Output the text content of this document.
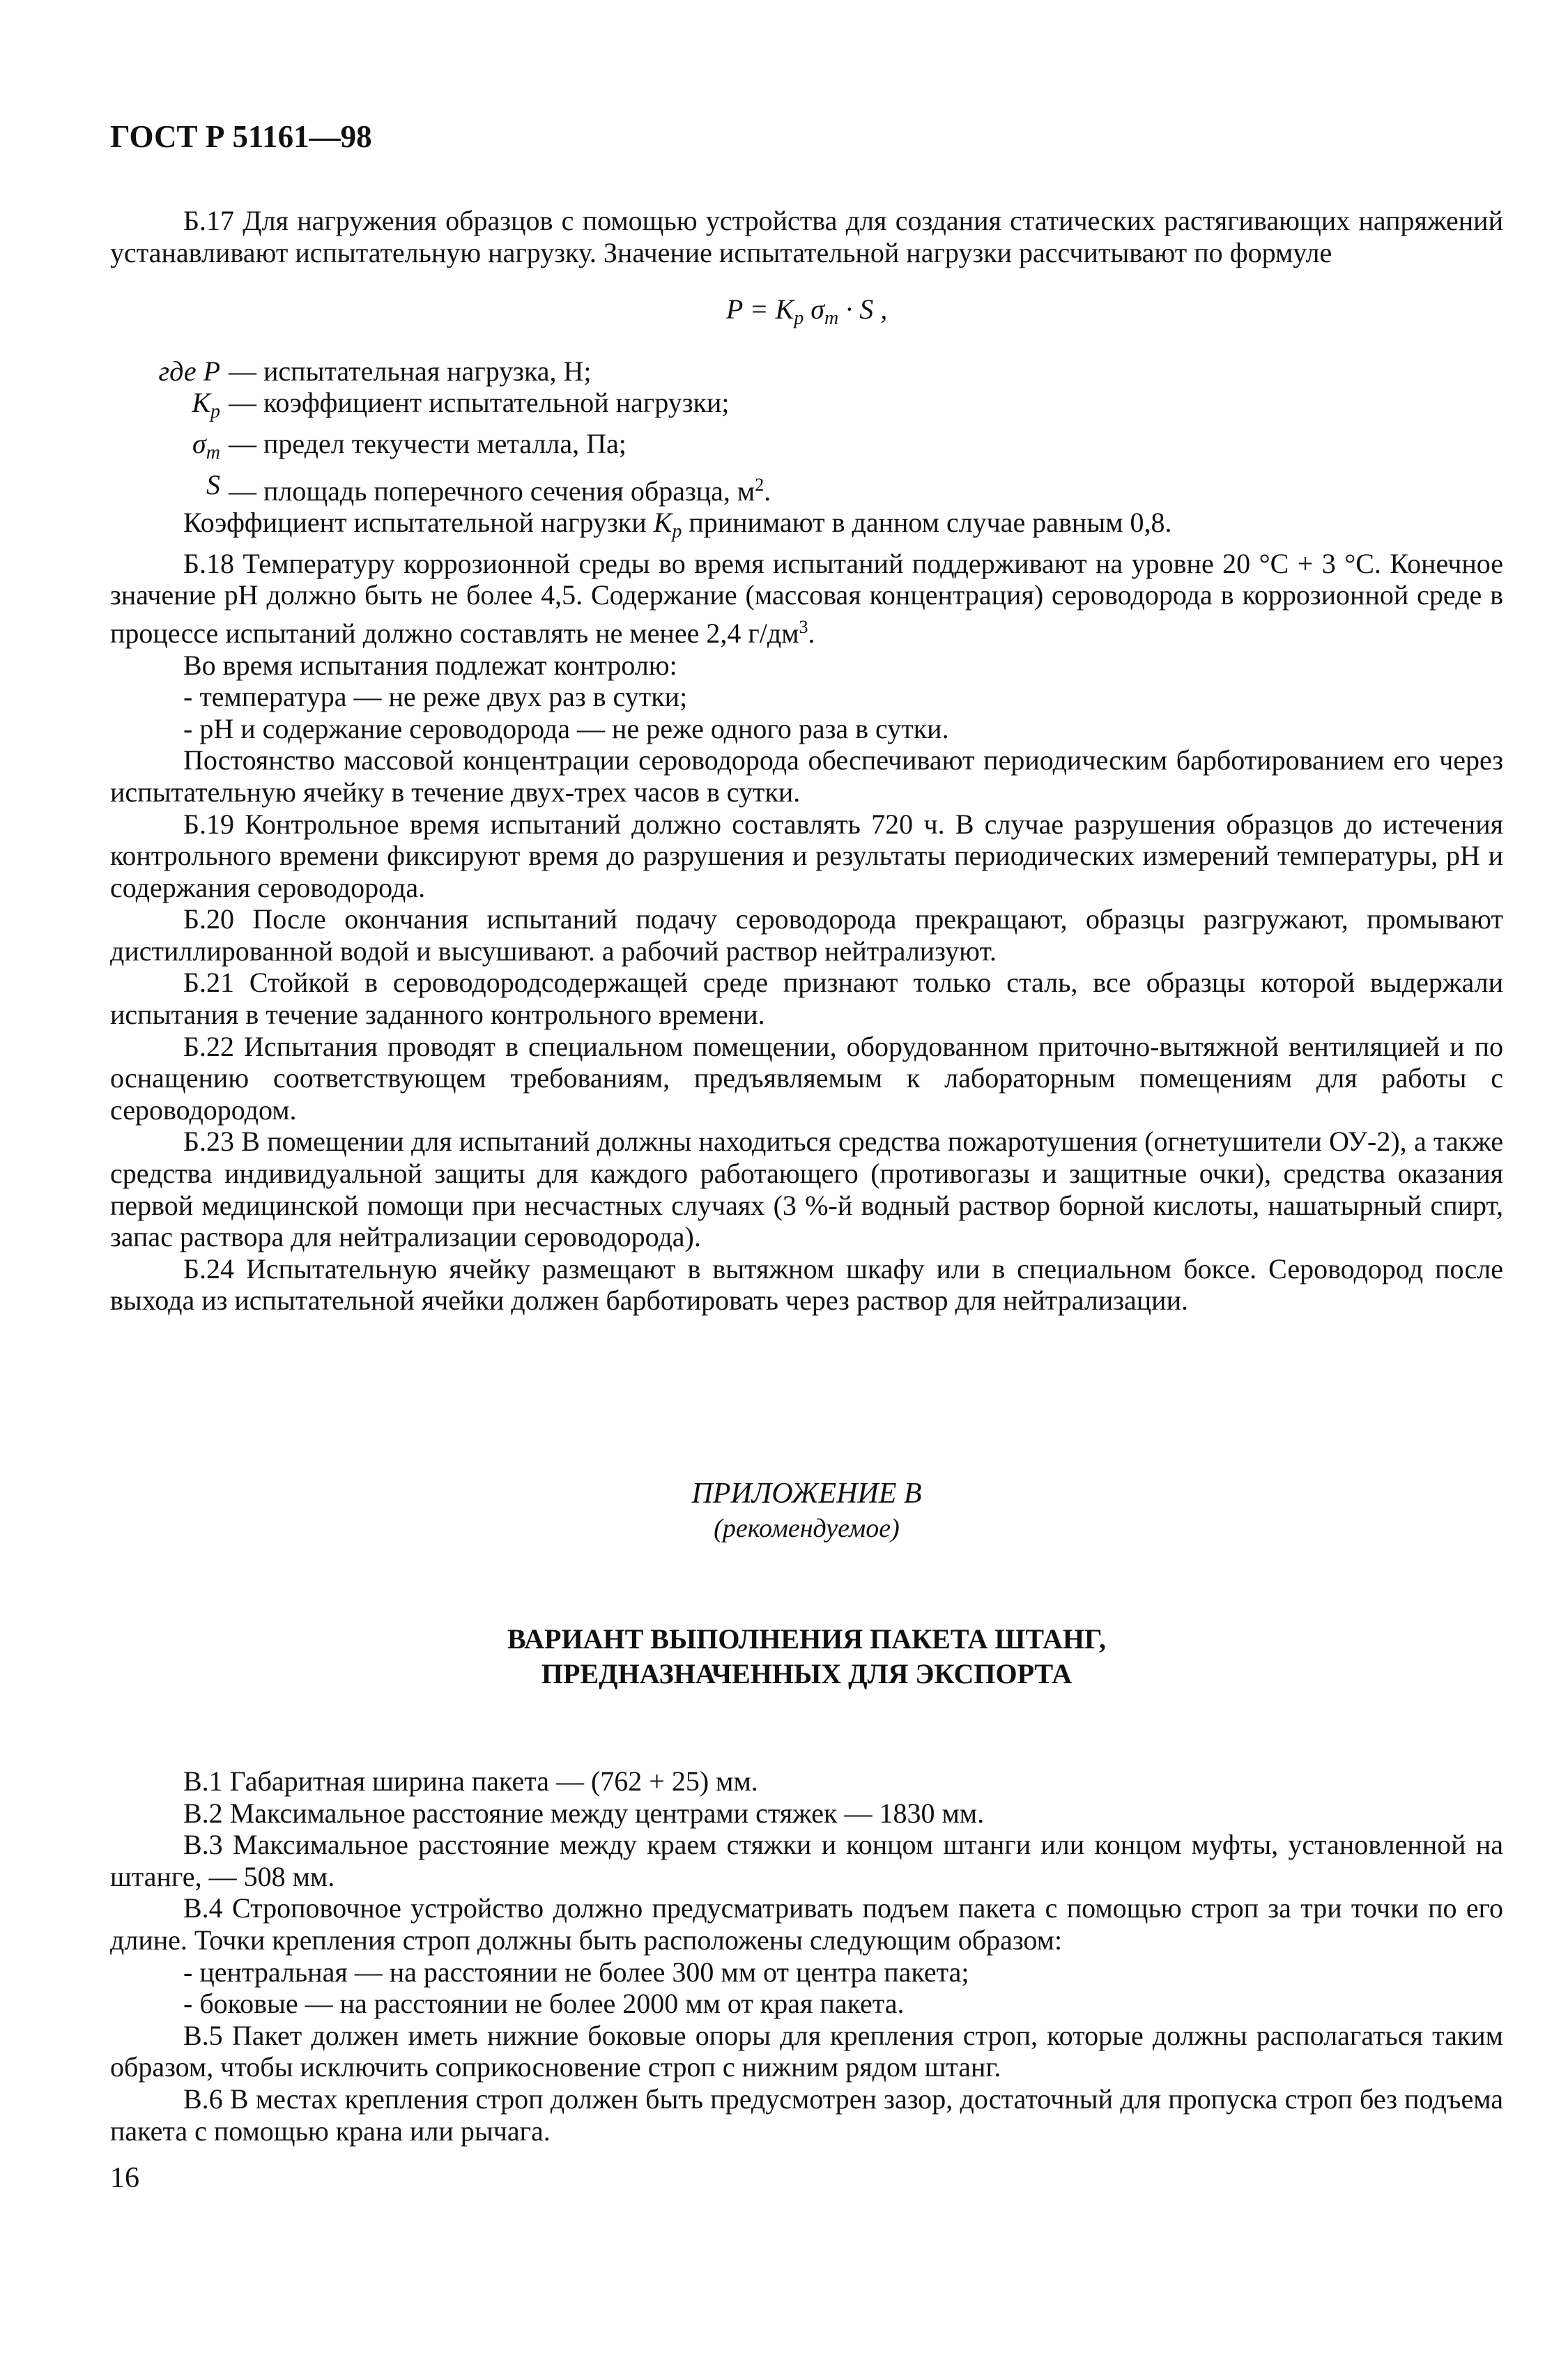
ГОСТ Р 51161—98

Б.17 Для нагружения образцов с помощью устройства для создания статических растягивающих напряжений устанавливают испытательную нагрузку. Значение испытательной нагрузки рассчитывают по формуле

$P = K_p$ $\sigma_т \cdot S$ ,
где P — испытательная нагрузка, Н;
$K_p$ — коэффициент испытательной нагрузки;
$\sigma_т$ — предел текучести металла, Па;
S — площадь поперечного сечения образца, $м^2$.

Коэффициент испытательной нагрузки $K_p$ принимают в данном случае равным 0,8.

Б.18 Температуру коррозионной среды во время испытаний поддерживают на уровне 20 °С + 3 °С. Конечное значение рН должно быть не более 4,5. Содержание (массовая концентрация) сероводорода в коррозионной среде в процессе испытаний должно составлять не менее 2,4 $г/дм^3$.

Во время испытания подлежат контролю:

- температура — не реже двух раз в сутки;

- рН и содержание сероводорода — не реже одного раза в сутки.

Постоянство массовой концентрации сероводорода обеспечивают периодическим барботированием его через испытательную ячейку в течение двух-трех часов в сутки.

Б.19 Контрольное время испытаний должно составлять 720 ч. В случае разрушения образцов до истечения контрольного времени фиксируют время до разрушения и результаты периодических измерений температуры, рН и содержания сероводорода.

Б.20 После окончания испытаний подачу сероводорода прекращают, образцы разгружают, промывают дистиллированной водой и высушивают. а рабочий раствор нейтрализуют.

Б.21 Стойкой в сероводородсодержащей среде признают только сталь, все образцы которой выдержали испытания в течение заданного контрольного времени.

Б.22 Испытания проводят в специальном помещении, оборудованном приточно-вытяжной вентиляцией и по оснащению соответствующем требованиям, предъявляемым к лабораторным помещениям для работы с сероводородом.

Б.23 В помещении для испытаний должны находиться средства пожаротушения (огнетушители ОУ-2), а также средства индивидуальной защиты для каждого работающего (противогазы и защитные очки), средства оказания первой медицинской помощи при несчастных случаях (3 %-й водный раствор борной кислоты, нашатырный спирт, запас раствора для нейтрализации сероводорода).

Б.24 Испытательную ячейку размещают в вытяжном шкафу или в специальном боксе. Сероводород после выхода из испытательной ячейки должен барботировать через раствор для нейтрализации.

ПРИЛОЖЕНИЕ В
(рекомендуемое)
ВАРИАНТ ВЫПОЛНЕНИЯ ПАКЕТА ШТАНГ,
ПРЕДНАЗНАЧЕННЫХ ДЛЯ ЭКСПОРТА

В.1 Габаритная ширина пакета — (762 + 25) мм.

В.2 Максимальное расстояние между центрами стяжек — 1830 мм.

В.3 Максимальное расстояние между краем стяжки и концом штанги или концом муфты, установленной на штанге, — 508 мм.

В.4 Строповочное устройство должно предусматривать подъем пакета с помощью строп за три точки по его длине. Точки крепления строп должны быть расположены следующим образом:

- центральная — на расстоянии не более 300 мм от центра пакета;

- боковые — на расстоянии не более 2000 мм от края пакета.

В.5 Пакет должен иметь нижние боковые опоры для крепления строп, которые должны располагаться таким образом, чтобы исключить соприкосновение строп с нижним рядом штанг.

В.6 В местах крепления строп должен быть предусмотрен зазор, достаточный для пропуска строп без подъема пакета с помощью крана или рычага.

16
